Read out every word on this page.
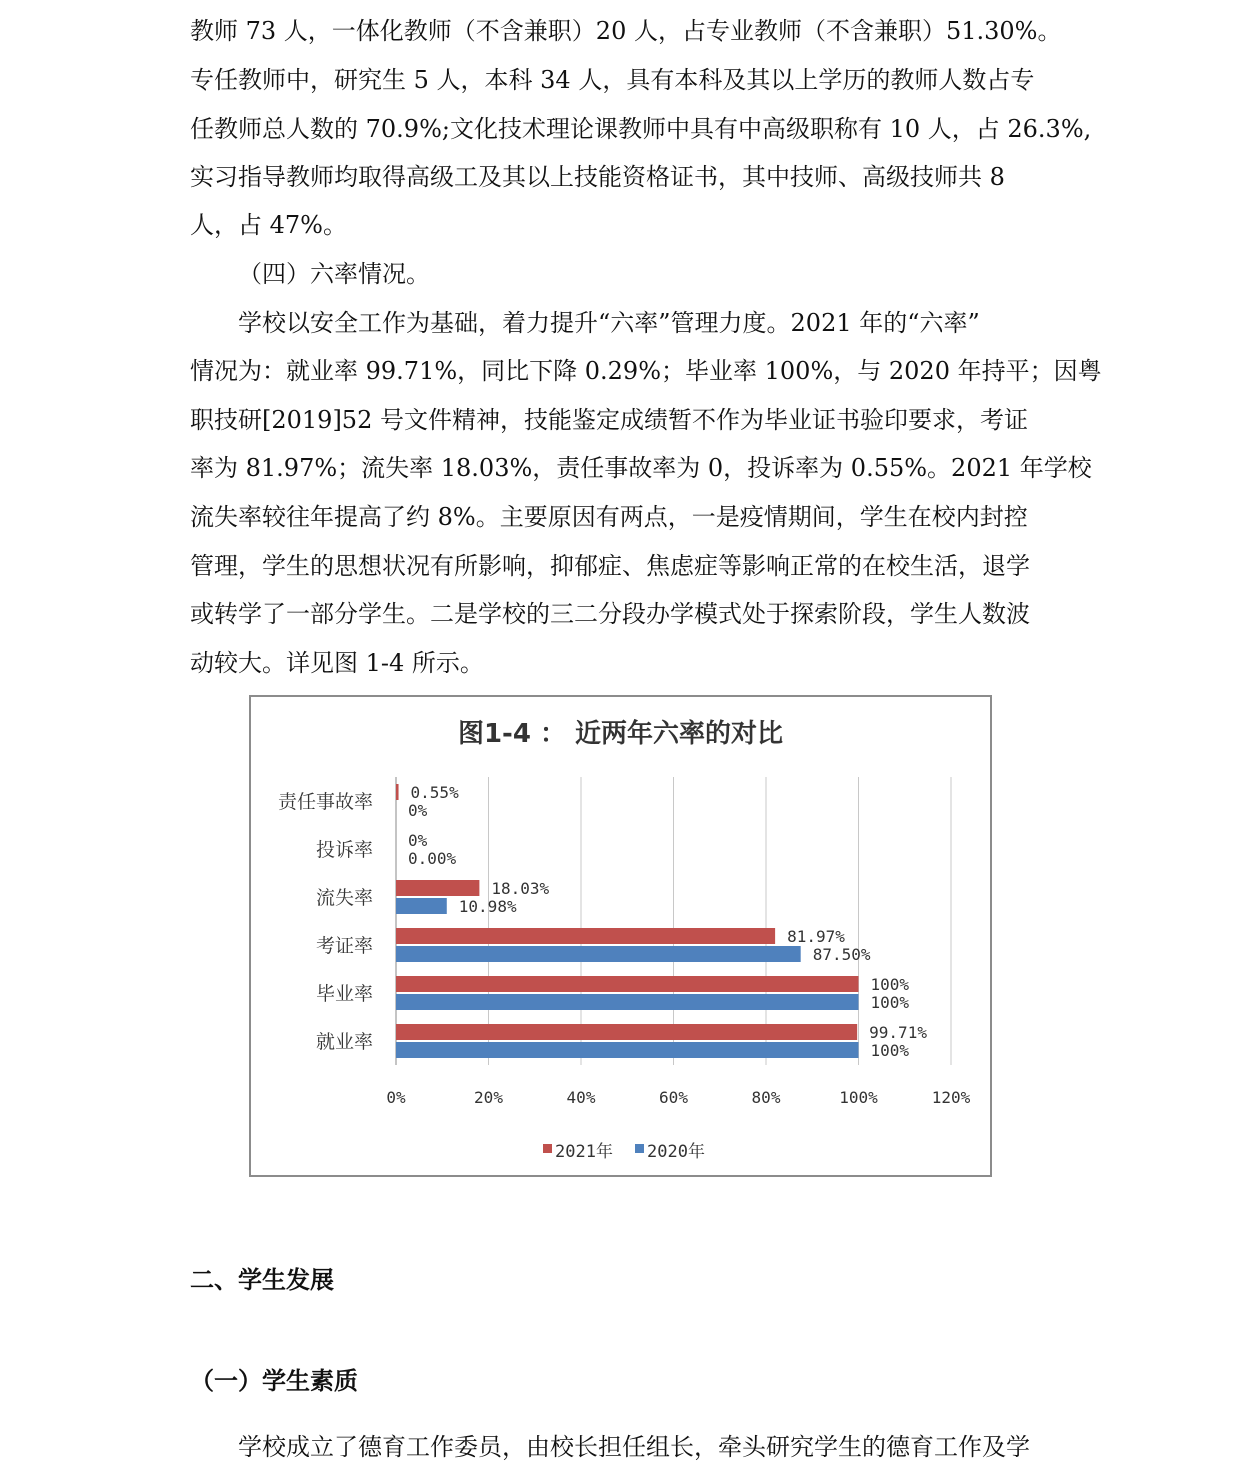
教师 73 人，一体化教师（不含兼职）20 人，占专业教师（不含兼职）51.30%。
专任教师中，研究生 5 人，本科 34 人，具有本科及其以上学历的教师人数占专
任教师总人数的 70.9%;文化技术理论课教师中具有中高级职称有 10 人，占 26.3%,
实习指导教师均取得高级工及其以上技能资格证书，其中技师、高级技师共 8
人，占 47%。
（四）六率情况。
学校以安全工作为基础，着力提升“六率”管理力度。2021 年的“六率”
情况为：就业率 99.71%，同比下降 0.29%；毕业率 100%，与 2020 年持平；因粤
职技研[2019]52 号文件精神，技能鉴定成绩暂不作为毕业证书验印要求，考证
率为 81.97%；流失率 18.03%，责任事故率为 0，投诉率为 0.55%。2021 年学校
流失率较往年提高了约 8%。主要原因有两点，一是疫情期间，学生在校内封控
管理，学生的思想状况有所影响，抑郁症、焦虑症等影响正常的在校生活，退学
或转学了一部分学生。二是学校的三二分段办学模式处于探索阶段，学生人数波
动较大。详见图 1-4 所示。
图1-4 ： 近两年六率的对比
0%	20%	40%	60%	80%	100%	120%
责任事故率 0.55%
0%
投诉率 0%
0.00%
流失率	18.03%
10.98%
考证率	81.97%
87.50%
毕业率	100%
100%
就业率	99.71%
100%
2021年 2020年
二、学生发展
（一）学生素质
学校成立了德育工作委员，由校长担任组长，牵头研究学生的德育工作及学
